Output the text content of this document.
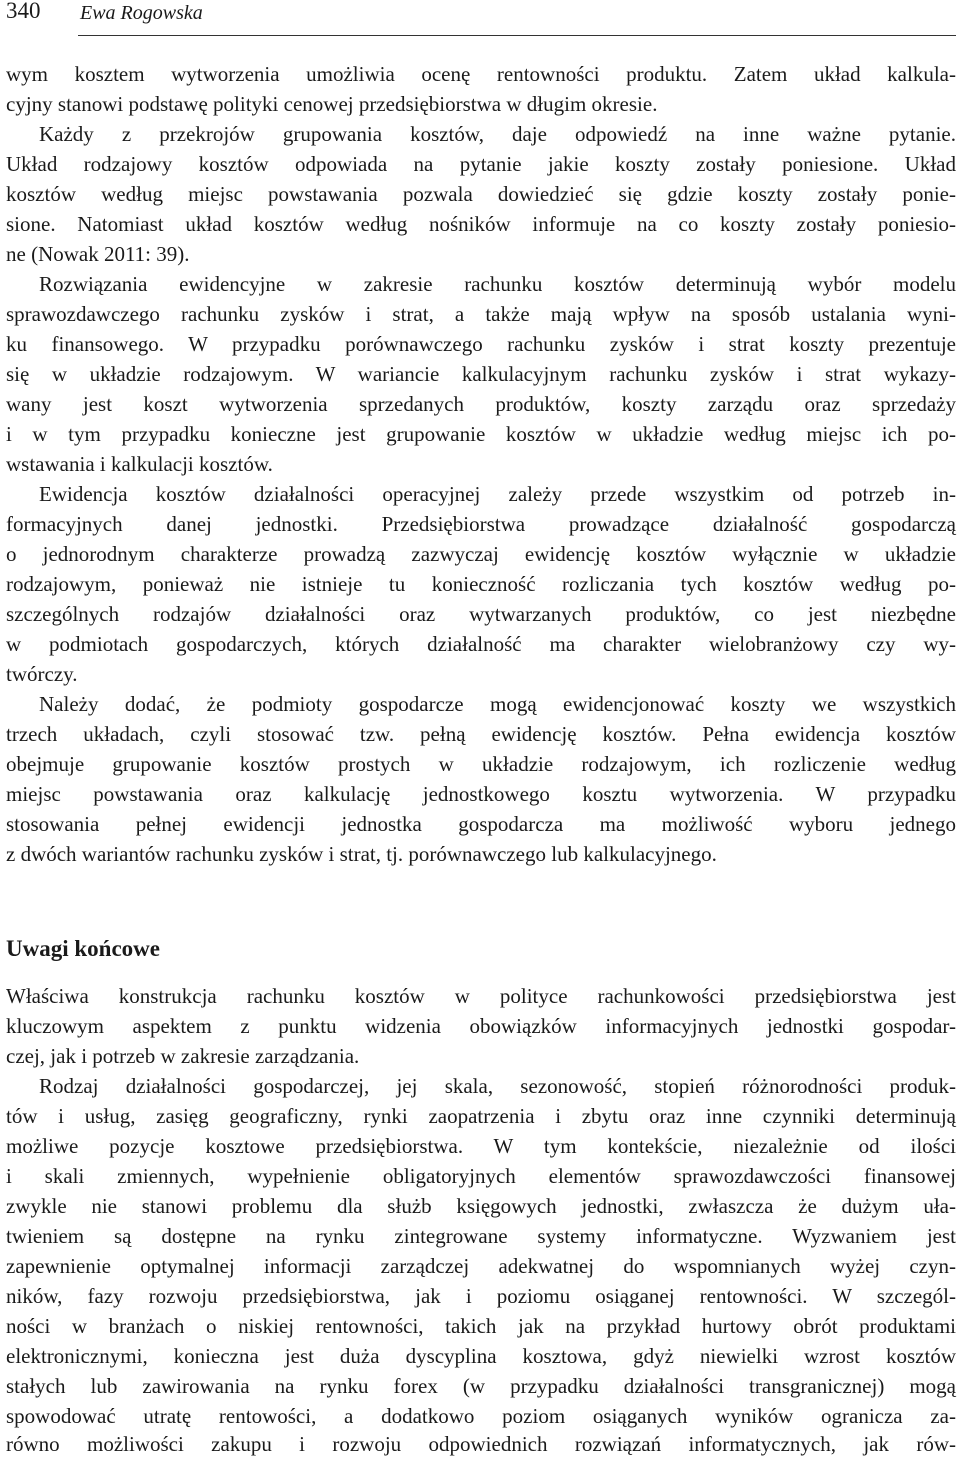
340 Ewa Rogowska
wym kosztem wytworzenia umożliwia ocenę rentowności produktu. Zatem układ kalkula-
cyjny stanowi podstawę polityki cenowej przedsiębiorstwa w długim okresie.
Każdy z przekrojów grupowania kosztów, daje odpowiedź na inne ważne pytanie.
Układ rodzajowy kosztów odpowiada na pytanie jakie koszty zostały poniesione. Układ
kosztów według miejsc powstawania pozwala dowiedzieć się gdzie koszty zostały ponie-
sione. Natomiast układ kosztów według nośników informuje na co koszty zostały poniesio-
ne (Nowak 2011: 39).
Rozwiązania ewidencyjne w zakresie rachunku kosztów determinują wybór modelu
sprawozdawczego rachunku zysków i strat, a także mają wpływ na sposób ustalania wyni-
ku finansowego. W przypadku porównawczego rachunku zysków i strat koszty prezentuje
się w układzie rodzajowym. W wariancie kalkulacyjnym rachunku zysków i strat wykazy-
wany jest koszt wytworzenia sprzedanych produktów, koszty zarządu oraz sprzedaży
i w tym przypadku konieczne jest grupowanie kosztów w układzie według miejsc ich po-
wstawania i kalkulacji kosztów.
Ewidencja kosztów działalności operacyjnej zależy przede wszystkim od potrzeb in-
formacyjnych danej jednostki. Przedsiębiorstwa prowadzące działalność gospodarczą
o jednorodnym charakterze prowadzą zazwyczaj ewidencję kosztów wyłącznie w układzie
rodzajowym, ponieważ nie istnieje tu konieczność rozliczania tych kosztów według po-
szczególnych rodzajów działalności oraz wytwarzanych produktów, co jest niezbędne
w podmiotach gospodarczych, których działalność ma charakter wielobranżowy czy wy-
twórczy.
Należy dodać, że podmioty gospodarcze mogą ewidencjonować koszty we wszystkich
trzech układach, czyli stosować tzw. pełną ewidencję kosztów. Pełna ewidencja kosztów
obejmuje grupowanie kosztów prostych w układzie rodzajowym, ich rozliczenie według
miejsc powstawania oraz kalkulację jednostkowego kosztu wytworzenia. W przypadku
stosowania pełnej ewidencji jednostka gospodarcza ma możliwość wyboru jednego
z dwóch wariantów rachunku zysków i strat, tj. porównawczego lub kalkulacyjnego.
Uwagi końcowe
Właściwa konstrukcja rachunku kosztów w polityce rachunkowości przedsiębiorstwa jest
kluczowym aspektem z punktu widzenia obowiązków informacyjnych jednostki gospodar-
czej, jak i potrzeb w zakresie zarządzania.
Rodzaj działalności gospodarczej, jej skala, sezonowość, stopień różnorodności produk-
tów i usług, zasięg geograficzny, rynki zaopatrzenia i zbytu oraz inne czynniki determinują
możliwe pozycje kosztowe przedsiębiorstwa. W tym kontekście, niezależnie od ilości
i skali zmiennych, wypełnienie obligatoryjnych elementów sprawozdawczości finansowej
zwykle nie stanowi problemu dla służb księgowych jednostki, zwłaszcza że dużym uła-
twieniem są dostępne na rynku zintegrowane systemy informatyczne. Wyzwaniem jest
zapewnienie optymalnej informacji zarządczej adekwatnej do wspomnianych wyżej czyn-
ników, fazy rozwoju przedsiębiorstwa, jak i poziomu osiąganej rentowności. W szczegól-
ności w branżach o niskiej rentowności, takich jak na przykład hurtowy obrót produktami
elektronicznymi, konieczna jest duża dyscyplina kosztowa, gdyż niewielki wzrost kosztów
stałych lub zawirowania na rynku forex (w przypadku działalności transgranicznej) mogą
spowodować utratę rentowości, a dodatkowo poziom osiąganych wyników ogranicza za-
równo możliwości zakupu i rozwoju odpowiednich rozwiązań informatycznych, jak rów-
